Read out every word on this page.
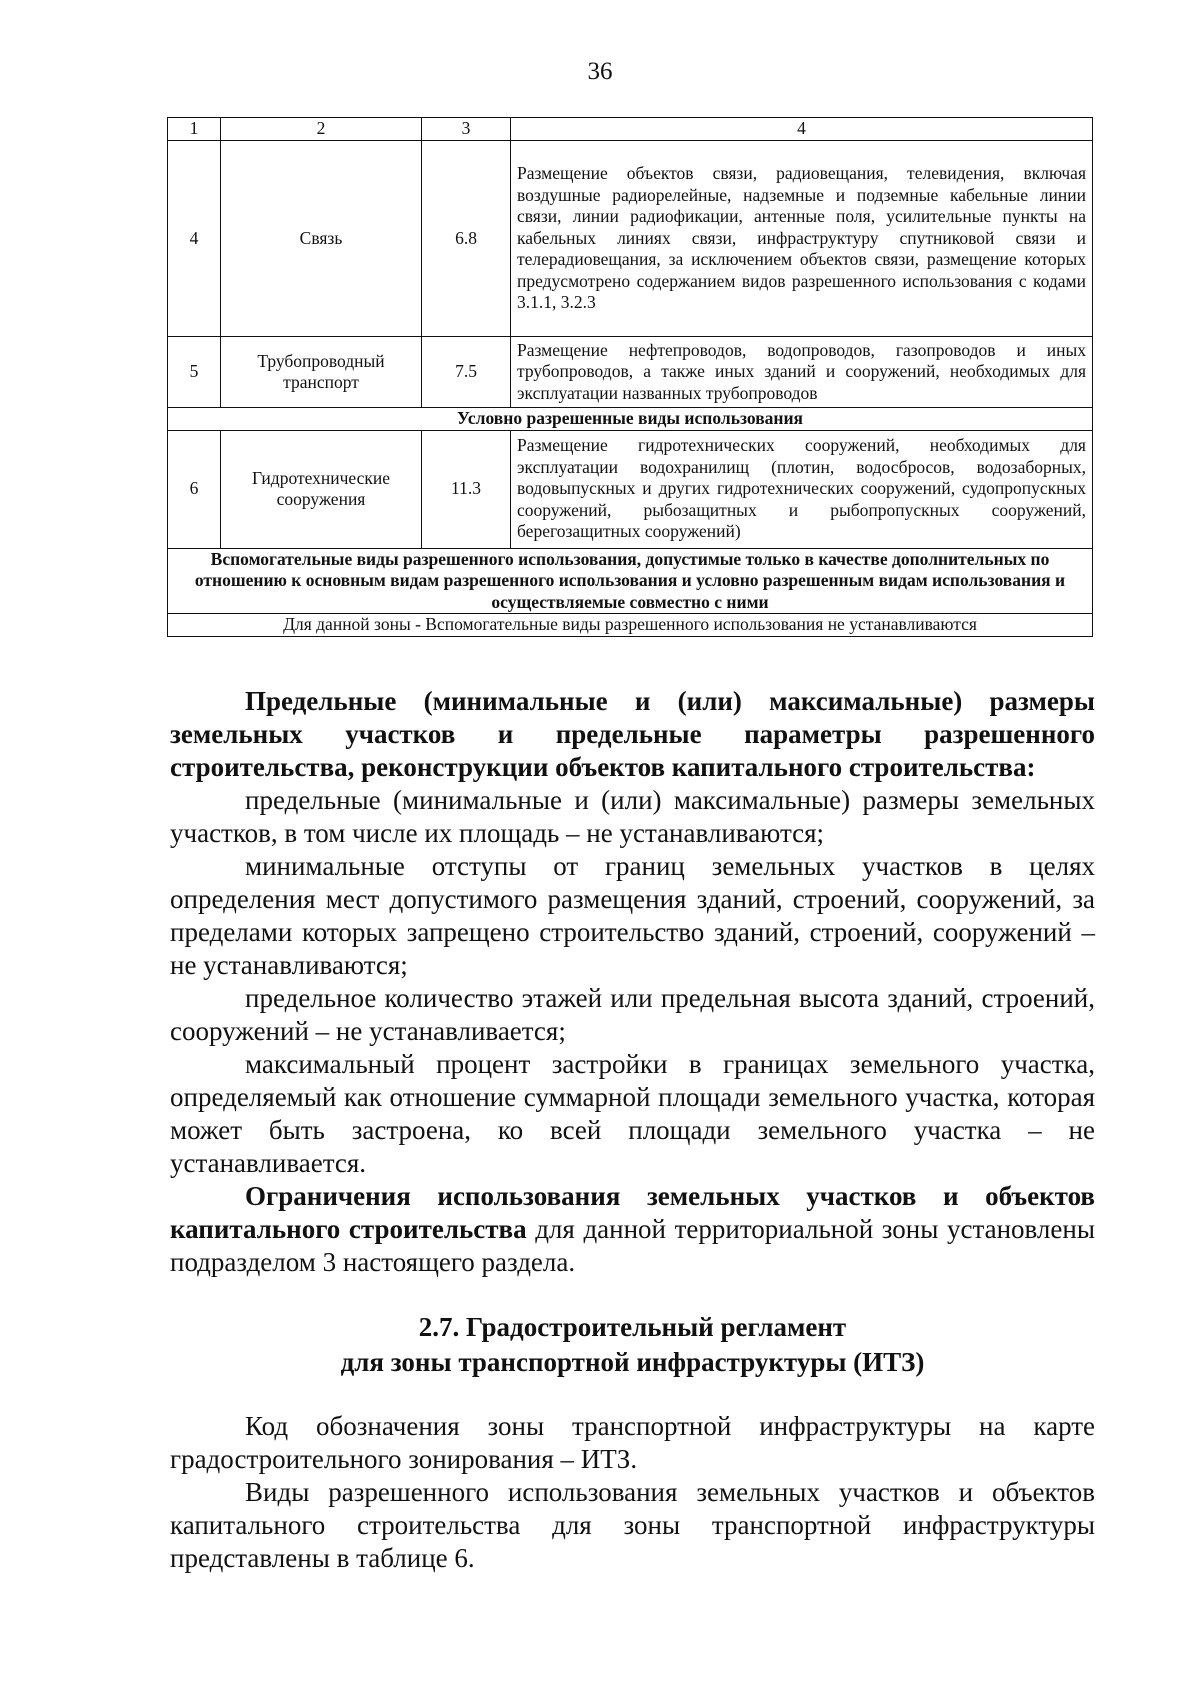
36
1	2	3	4
4	Связь	6.8	Размещение объектов связи, радиовещания, телевидения, включая воздушные радиорелейные, надземные и подземные кабельные линии связи, линии радиофикации, антенные поля, усилительные пункты на кабельных линиях связи, инфраструктуру спутниковой связи и телерадиовещания, за исключением объектов связи, размещение которых предусмотрено содержанием видов разрешенного использования с кодами 3.1.1, 3.2.3
5	Трубопроводный транспорт	7.5	Размещение нефтепроводов, водопроводов, газопроводов и иных трубопроводов, а также иных зданий и сооружений, необходимых для эксплуатации названных трубопроводов
Условно разрешенные виды использования			
6	Гидротехнические сооружения	11.3	Размещение гидротехнических сооружений, необходимых для эксплуатации водохранилищ (плотин, водосбросов, водозаборных, водовыпускных и других гидротехнических сооружений, судопропускных сооружений, рыбозащитных и рыбопропускных сооружений, берегозащитных сооружений)
Вспомогательные виды разрешенного использования, допустимые только в качестве дополнительных по отношению к основным видам разрешенного использования и условно разрешенным видам использования и осуществляемые совместно с ними			
Для данной зоны - Вспомогательные виды разрешенного использования не устанавливаются			

Предельные (минимальные и (или) максимальные) размеры земельных участков и предельные параметры разрешенного строительства, реконструкции объектов капитального строительства:

предельные (минимальные и (или) максимальные) размеры земельных участков, в том числе их площадь – не устанавливаются;

минимальные отступы от границ земельных участков в целях определения мест допустимого размещения зданий, строений, сооружений, за пределами которых запрещено строительство зданий, строений, сооружений – не устанавливаются;

предельное количество этажей или предельная высота зданий, строений, сооружений – не устанавливается;

максимальный процент застройки в границах земельного участка, определяемый как отношение суммарной площади земельного участка, которая может быть застроена, ко всей площади земельного участка – не устанавливается.

Ограничения использования земельных участков и объектов капитального строительства для данной территориальной зоны установлены подразделом 3 настоящего раздела.

2.7. Градостроительный регламент
для зоны транспортной инфраструктуры (ИТЗ)

Код обозначения зоны транспортной инфраструктуры на карте градостроительного зонирования – ИТЗ.

Виды разрешенного использования земельных участков и объектов капитального строительства для зоны транспортной инфраструктуры представлены в таблице 6.
